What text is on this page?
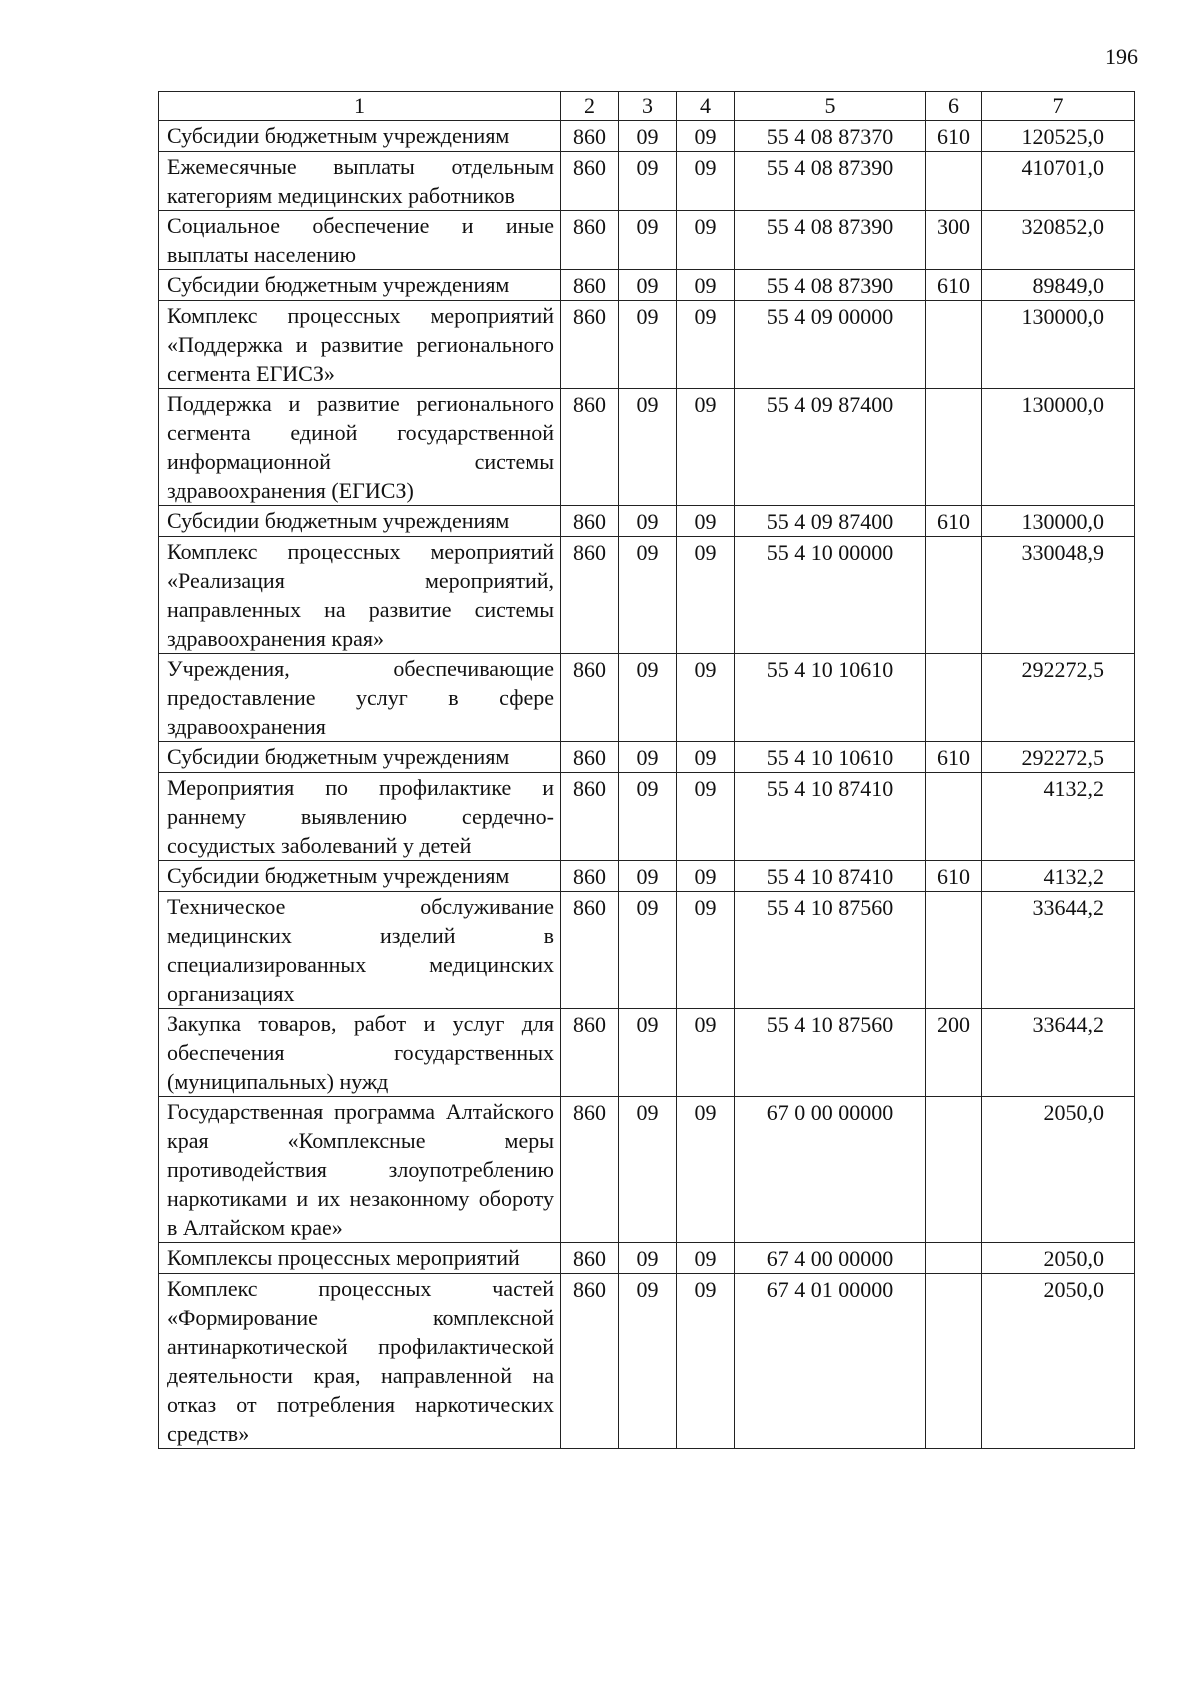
196
1	2	3	4	5	6	7
Субсидии бюджетным учреждениям	860	09	09	55 4 08 87370	610	120525,0
Ежемесячные выплаты отдельным категориям медицинских работников	860	09	09	55 4 08 87390		410701,0
Социальное обеспечение и иные выплаты населению	860	09	09	55 4 08 87390	300	320852,0
Субсидии бюджетным учреждениям	860	09	09	55 4 08 87390	610	89849,0
Комплекс процессных мероприятий «Поддержка и развитие регионального сегмента ЕГИСЗ»	860	09	09	55 4 09 00000		130000,0
Поддержка и развитие регионального сегмента единой государственной информационной системы здравоохранения (ЕГИСЗ)	860	09	09	55 4 09 87400		130000,0
Субсидии бюджетным учреждениям	860	09	09	55 4 09 87400	610	130000,0
Комплекс процессных мероприятий «Реализация мероприятий, направленных на развитие системы здравоохранения края»	860	09	09	55 4 10 00000		330048,9
Учреждения, обеспечивающие предоставление услуг в сфере здравоохранения	860	09	09	55 4 10 10610		292272,5
Субсидии бюджетным учреждениям	860	09	09	55 4 10 10610	610	292272,5
Мероприятия по профилактике и раннему выявлению сердечно-сосудистых заболеваний у детей	860	09	09	55 4 10 87410		4132,2
Субсидии бюджетным учреждениям	860	09	09	55 4 10 87410	610	4132,2
Техническое обслуживание медицинских изделий в специализированных медицинских организациях	860	09	09	55 4 10 87560		33644,2
Закупка товаров, работ и услуг для обеспечения государственных (муниципальных) нужд	860	09	09	55 4 10 87560	200	33644,2
Государственная программа Алтайского края «Комплексные меры противодействия злоупотреблению наркотиками и их незаконному обороту в Алтайском крае»	860	09	09	67 0 00 00000		2050,0
Комплексы процессных мероприятий	860	09	09	67 4 00 00000		2050,0
Комплекс процессных частей «Формирование комплексной антинаркотической профилактической деятельности края, направленной на отказ от потребления наркотических средств»	860	09	09	67 4 01 00000		2050,0
